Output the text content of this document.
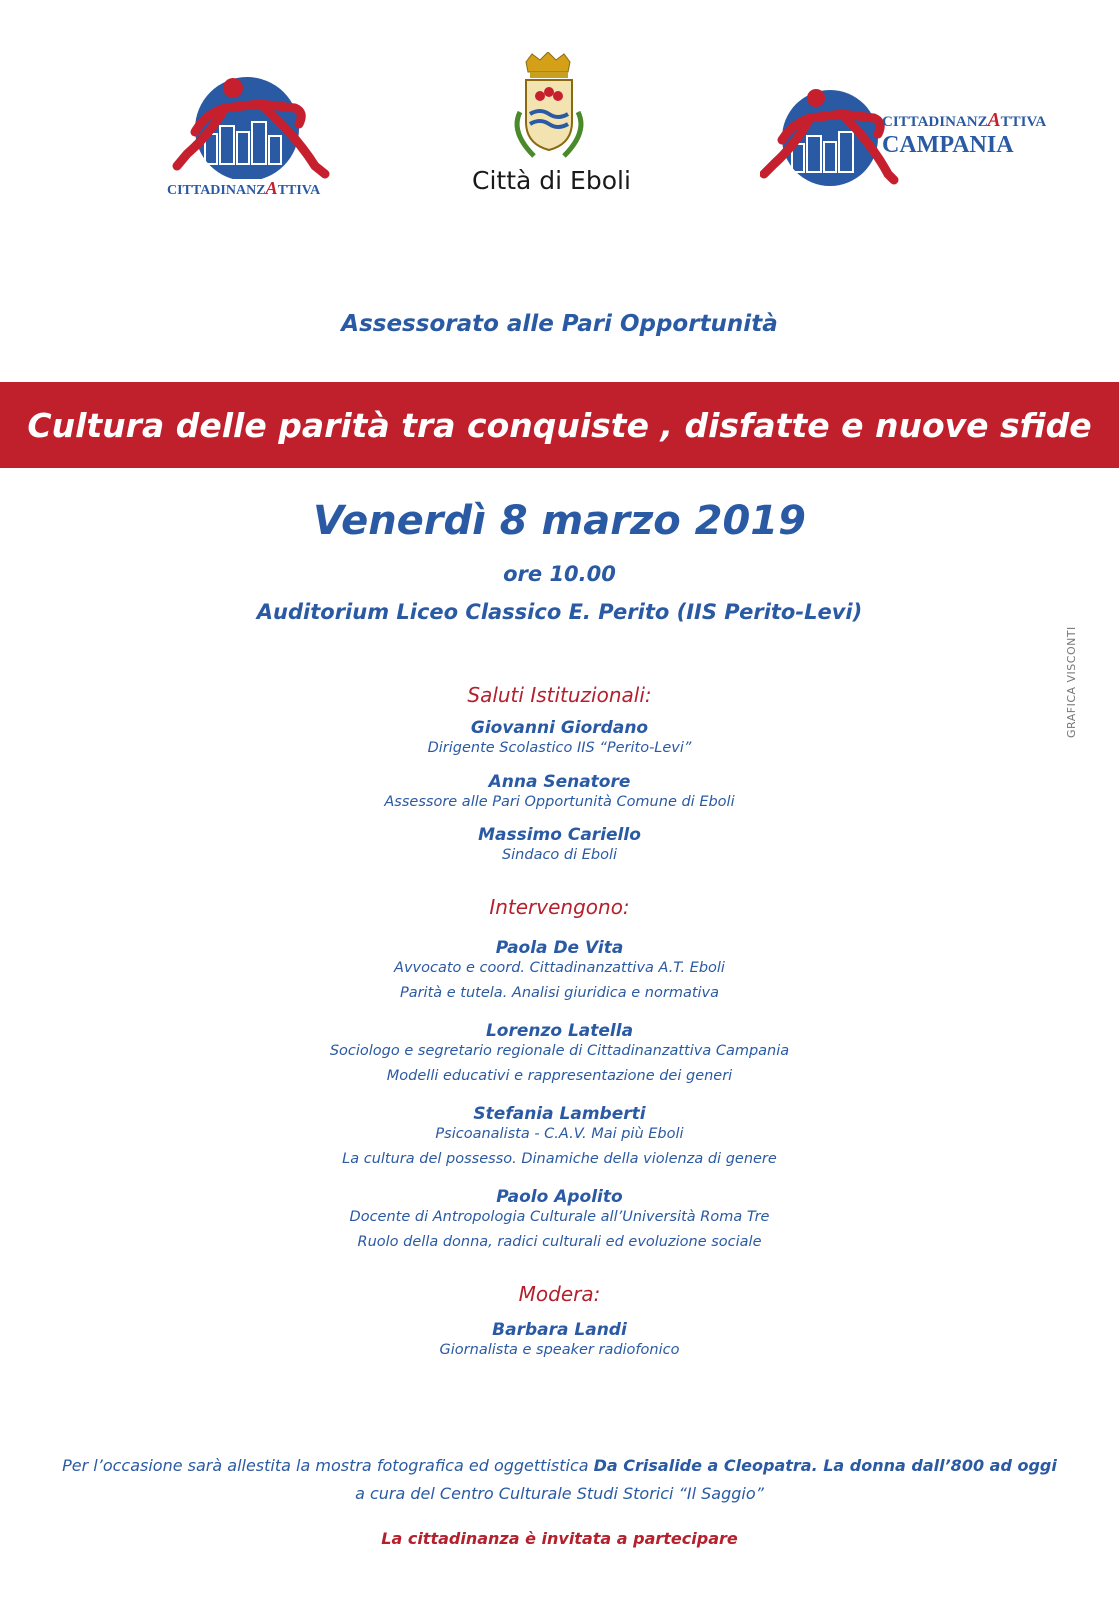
CITTADINANZATTIVA	Città di Eboli
CITTADINANZATTIVA
CAMPANIA
Assessorato alle Pari Opportunità
Cultura delle parità tra conquiste , disfatte e nuove sfide
Venerdì 8 marzo 2019
ore 10.00
Auditorium Liceo Classico E. Perito (IIS Perito-Levi)
Saluti Istituzionali:
Giovanni Giordano
Dirigente Scolastico IIS “Perito-Levi”
Anna Senatore
Assessore alle Pari Opportunità Comune di Eboli
Massimo Cariello
Sindaco di Eboli
Intervengono:
Paola De Vita
Avvocato e coord. Cittadinanzattiva A.T. Eboli
Parità e tutela. Analisi giuridica e normativa
Lorenzo Latella
Sociologo e segretario regionale di Cittadinanzattiva Campania
Modelli educativi e rappresentazione dei generi
Stefania Lamberti
Psicoanalista - C.A.V. Mai più Eboli
La cultura del possesso. Dinamiche della violenza di genere
Paolo Apolito
Docente di Antropologia Culturale all’Università Roma Tre
Ruolo della donna, radici culturali ed evoluzione sociale
Modera:
Barbara Landi
Giornalista e speaker radiofonico
GRAFICA VISCONTI
Per l’occasione sarà allestita la mostra fotografica ed oggettistica Da Crisalide a Cleopatra. La donna dall’800 ad oggi
a cura del Centro Culturale Studi Storici “Il Saggio”
La cittadinanza è invitata a partecipare
